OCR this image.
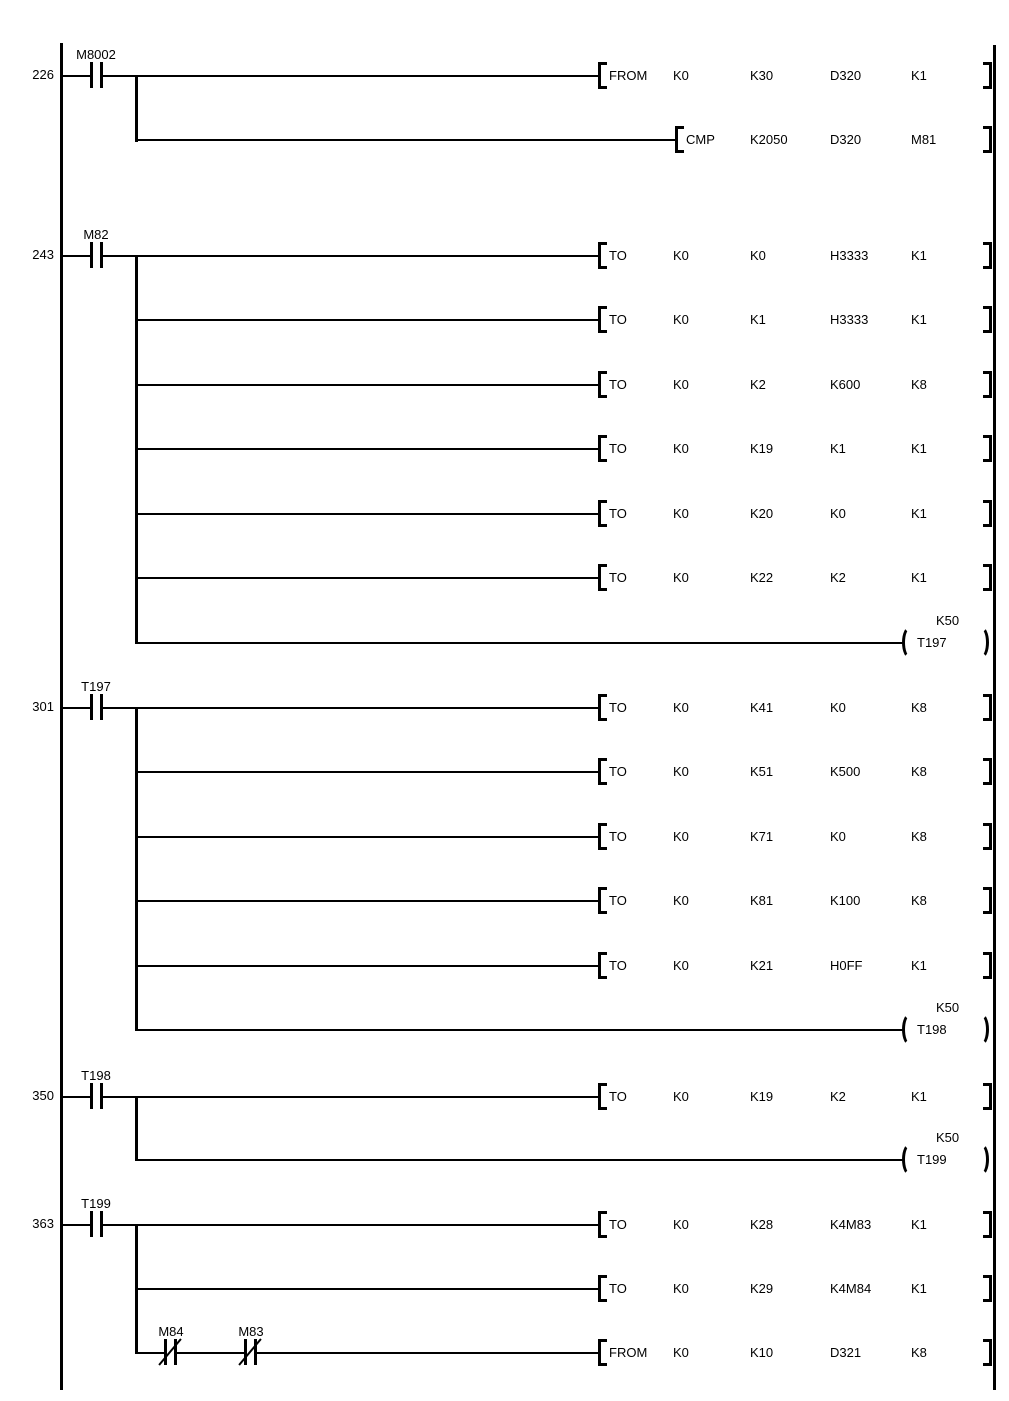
226
243
301
350
363
M8002
FROM K0	K30	D320	K1
CMP	K2050	D320	M81
M82
TO	K0	K0	H3333	K1
TO	K0	K1	H3333	K1
TO	K0	K2	K600	K8
TO	K0	K19	K1	K1
TO	K0	K20	K0	K1
TO	K0	K22	K2	K1
T197
K50
T197
TO	K0	K41	K0	K8
TO	K0	K51	K500	K8
TO	K0	K71	K0	K8
TO	K0	K81	K100	K8
TO	K0	K21	H0FF	K1
T198
K50
T198
TO	K0	K19	K2	K1
T199
K50
T199
TO	K0	K28	K4M83	K1
TO	K0	K29	K4M84	K1
M84	M83
FROM K0	K10	D321	K8
